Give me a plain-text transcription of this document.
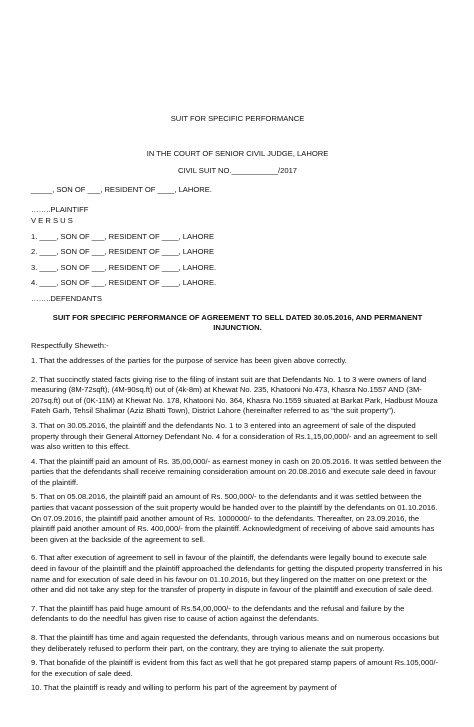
SUIT FOR SPECIFIC PERFORMANCE
IN THE COURT OF SENIOR CIVIL JUDGE, LAHORE
CIVIL SUIT NO.___________/2017
_____, SON OF ___, RESIDENT OF ____, LAHORE.
……..PLAINTIFF
V E R S U S
1. ____, SON OF ___, RESIDENT OF ____, LAHORE
2. ____, SON OF ___, RESIDENT OF ____, LAHORE
3. ____, SON OF ___, RESIDENT OF ____, LAHORE.
4. ____, SON OF ___, RESIDENT OF ____, LAHORE.
……..DEFENDANTS
SUIT FOR SPECIFIC PERFORMANCE OF AGREEMENT TO SELL DATED 30.05.2016, AND PERMANENT INJUNCTION.
Respectfully Sheweth:-
1. That the addresses of the parties for the purpose of service has been given above correctly.
2. That succinctly stated facts giving rise to the filing of instant suit are that Defendants No. 1 to 3 were owners of land measuring (8M-72sqft), (4M-90sq.ft) out of (4k-8m) at Khewat No. 235, Khatooni No.473, Khasra No.1557 AND (3M-207sq.ft) out of (0K-11M) at Khewat No. 178, Khatooni No. 364, Khasra No.1559 situated at Barkat Park, Hadbust Mouza Fateh Garh, Tehsil Shalimar (Aziz Bhatti Town), District Lahore (hereinafter referred to as “the suit property”).
3. That on 30.05.2016, the plaintiff and the defendants No. 1 to 3 entered into an agreement of sale of the disputed property through their General Attorney Defendant No. 4 for a consideration of Rs.1,15,00,000/- and an agreement to sell was also written to this effect.
4. That the plaintiff paid an amount of Rs. 35,00,000/- as earnest money in cash on 20.05.2016. It was settled between the parties that the defendants shall receive remaining consideration amount on 20.08.2016 and execute sale deed in favour of the plaintiff.
5. That on 05.08.2016, the plaintiff paid an amount of Rs. 500,000/- to the defendants and it was settled between the parties that vacant possession of the suit property would be handed over to the plaintiff by the defendants on 01.10.2016. On 07.09.2016, the plaintiff paid another amount of Rs. 1000000/- to the defendants. Thereafter, on 23.09.2016, the plaintiff paid another amount of Rs. 400,000/- from the plaintiff. Acknowledgment of receiving of above said amounts has been given at the backside of the agreement to sell.
6. That after execution of agreement to sell in favour of the plaintiff, the defendants were legally bound to execute sale deed in favour of the plaintiff and the plaintiff approached the defendants for getting the disputed property transferred in his name and for execution of sale deed in his favour on 01.10.2016, but they lingered on the matter on one pretext or the other and did not take any step for the transfer of property in dispute in favour of the plaintiff and execution of sale deed.
7. That the plaintiff has paid huge amount of Rs.54,00,000/- to the defendants and the refusal and failure by the defendants to do the needful has given rise to cause of action against the defendants.
8. That the plaintiff has time and again requested the defendants, through various means and on numerous occasions but they deliberately refused to perform their part, on the contrary, they are trying to alienate the suit property.
9. That bonafide of the plaintiff is evident from this fact as well that he got prepared stamp papers of amount Rs.105,000/- for the execution of sale deed.
10. That the plaintiff is ready and willing to perform his part of the agreement by payment of
